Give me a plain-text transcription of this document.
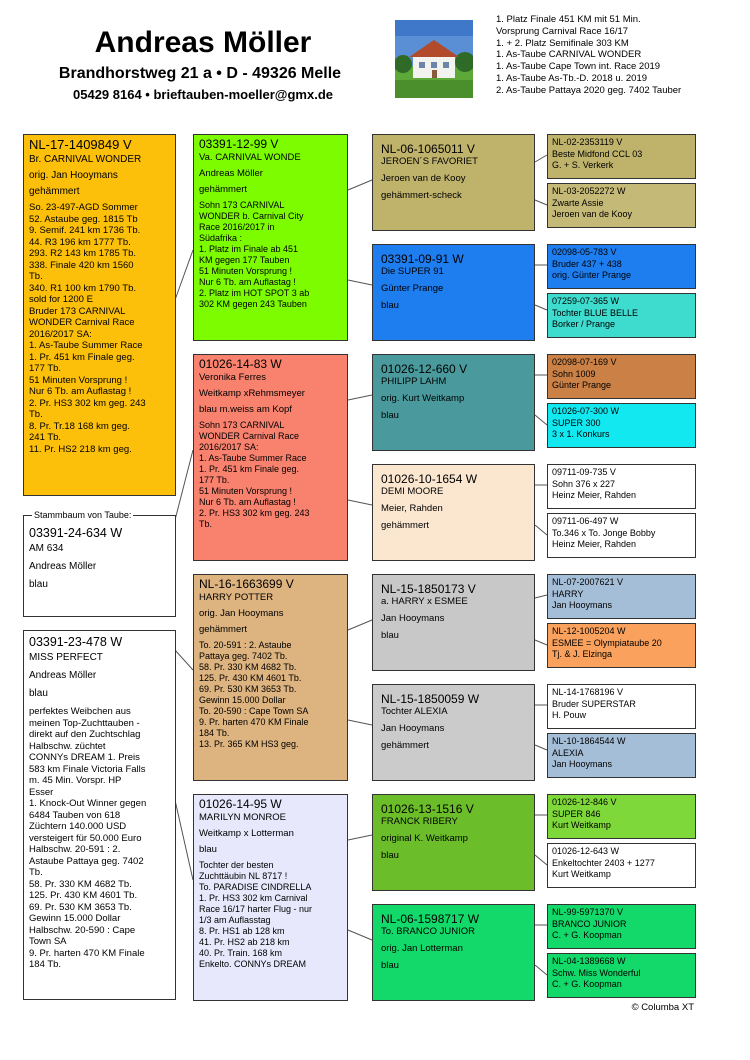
Andreas Möller
Brandhorstweg 21 a • D - 49326 Melle
05429 8164 • brieftauben-moeller@gmx.de
1. Platz Finale 451 KM mit 51 Min.
Vorsprung Carnival Race 16/17
1. + 2. Platz Semifinale 303 KM
1. As-Taube CARNIVAL WONDER
1. As-Taube Cape Town int. Race 2019
1. As-Taube As-Tb.-D. 2018 u. 2019
2. As-Taube Pattaya 2020 geg. 7402 Tauber
NL-17-1409849 V
Br. CARNIVAL WONDER
orig. Jan Hooymans
gehämmert
So. 23-497-AGD Sommer
52. Astaube geg. 1815 Tb
9. Semif. 241 km 1736 Tb.
44. R3 196 km 1777 Tb.
293. R2 143 km 1785 Tb.
338. Finale 420 km 1560
Tb.
340. R1 100 km 1790 Tb.
sold for 1200 E
Bruder 173 CARNIVAL
WONDER Carnival Race
2016/2017 SA:
1. As-Taube Summer Race
1. Pr. 451 km Finale geg.
177 Tb.
51 Minuten Vorsprung !
Nur 6 Tb. am Auflastag !
2. Pr. HS3 302 km geg. 243
Tb.
8. Pr. Tr.18 168 km geg.
241 Tb.
11. Pr. HS2 218 km geg.
03391-24-634 W
AM 634
Andreas Möller
blau
Stammbaum von Taube:
03391-23-478 W
MISS PERFECT
Andreas Möller
blau
perfektes Weibchen aus
meinen Top-Zuchttauben -
direkt auf den Zuchtschlag
Halbschw. züchtet
CONNYs DREAM 1. Preis
583 km Finale Victoria Falls
m. 45 Min. Vorspr. HP
Esser
1. Knock-Out Winner gegen
6484 Tauben von 618
Züchtern 140.000 USD
versteigert für 50.000 Euro
Halbschw. 20-591 : 2.
Astaube Pattaya geg. 7402
Tb.
58. Pr. 330 KM 4682 Tb.
125. Pr. 430 KM 4601 Tb.
69. Pr. 530 KM 3653 Tb.
Gewinn 15.000 Dollar
Halbschw. 20-590 : Cape
Town SA
9. Pr. harten 470 KM Finale
184 Tb.
03391-12-99 V
Va. CARNIVAL WONDE
Andreas Möller
gehämmert
Sohn 173 CARNIVAL
WONDER b. Carnival City
Race 2016/2017 in
Südafrika :
1. Platz im Finale ab 451
KM gegen 177 Tauben
51 Minuten Vorsprung !
Nur 6 Tb. am Auflastag !
2. Platz im HOT SPOT 3 ab
302 KM gegen 243 Tauben
01026-14-83 W
Veronika Ferres
Weitkamp xRehmsmeyer
blau m.weiss am Kopf
Sohn 173 CARNIVAL
WONDER Carnival Race
2016/2017 SA:
1. As-Taube Summer Race
1. Pr. 451 km Finale geg.
177 Tb.
51 Minuten Vorsprung !
Nur 6 Tb. am Auflastag !
2. Pr. HS3 302 km geg. 243
Tb.
NL-16-1663699 V
HARRY POTTER
orig. Jan Hooymans
gehämmert
To. 20-591 : 2. Astaube
Pattaya geg. 7402 Tb.
58. Pr. 330 KM 4682 Tb.
125. Pr. 430 KM 4601 Tb.
69. Pr. 530 KM 3653 Tb.
Gewinn 15.000 Dollar
To. 20-590 : Cape Town SA
9. Pr. harten 470 KM Finale
184 Tb.
13. Pr. 365 KM HS3 geg.
01026-14-95 W
MARILYN MONROE
Weitkamp x Lotterman
blau
Tochter der besten
Zuchttäubin NL 8717 !
To. PARADISE CINDRELLA
1. Pr. HS3 302 km Carnival
Race 16/17 harter Flug - nur
1/3 am Auflasstag
8. Pr. HS1 ab 128 km
41. Pr. HS2 ab 218 km
40. Pr. Train. 168 km
Enkelto. CONNYs DREAM
NL-06-1065011 V
JEROEN´S FAVORIET
Jeroen van de Kooy
gehämmert-scheck
03391-09-91 W
Die SUPER 91
Günter Prange
blau
01026-12-660 V
PHILIPP LAHM
orig. Kurt Weitkamp
blau
01026-10-1654 W
DEMI MOORE
Meier, Rahden
gehämmert
NL-15-1850173 V
a. HARRY x ESMEE
Jan Hooymans
blau
NL-15-1850059 W
Tochter ALEXIA
Jan Hooymans
gehämmert
01026-13-1516 V
FRANCK RIBERY
original K. Weitkamp
blau
NL-06-1598717 W
To. BRANCO JUNIOR
orig. Jan Lotterman
blau
NL-02-2353119 V
Beste Midfond CCL 03
G. + S. Verkerk
NL-03-2052272 W
Zwarte Assie
Jeroen van de Kooy
02098-05-783 V
Bruder 437 + 438
orig. Günter Prange
07259-07-365 W
Tochter BLUE BELLE
Borker / Prange
02098-07-169 V
Sohn 1009
Günter Prange
01026-07-300 W
SUPER 300
3 x 1. Konkurs
09711-09-735 V
Sohn 376 x 227
Heinz Meier, Rahden
09711-06-497 W
To.346 x To. Jonge Bobby
Heinz Meier, Rahden
NL-07-2007621 V
HARRY
Jan Hooymans
NL-12-1005204 W
ESMEE = Olympiataube 20
Tj. & J. Elzinga
NL-14-1768196 V
Bruder SUPERSTAR
H. Pouw
NL-10-1864544 W
ALEXIA
Jan Hooymans
01026-12-846 V
SUPER 846
Kurt Weitkamp
01026-12-643 W
Enkeltochter 2403 + 1277
Kurt Weitkamp
NL-99-5971370 V
BRANCO JUNIOR
C. + G. Koopman
NL-04-1389668 W
Schw. Miss Wonderful
C. + G. Koopman
© Columba XT
